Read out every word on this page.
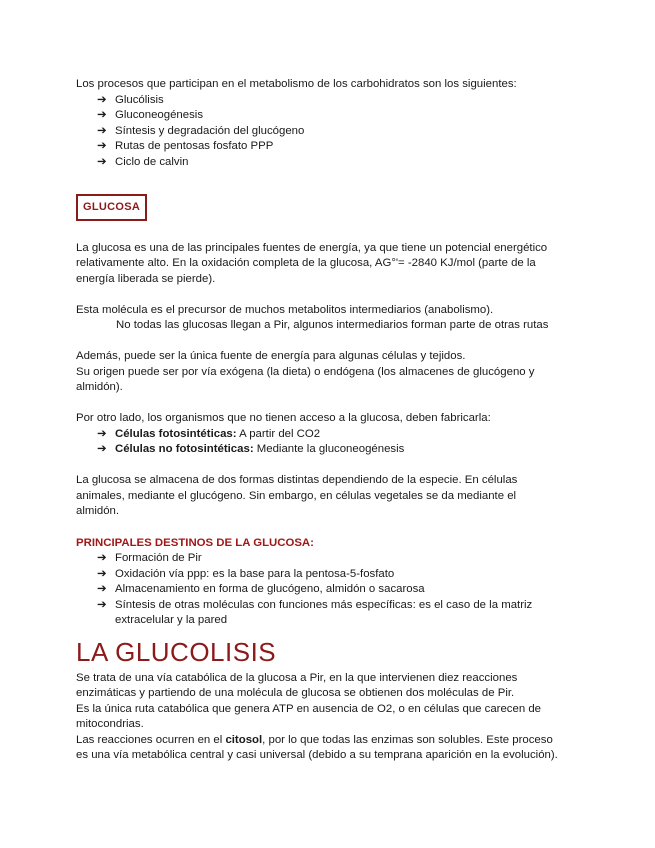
Los procesos que participan en el metabolismo de los carbohidratos son los siguientes:

➔ Glucólisis
➔ Gluconeogénesis
➔ Síntesis y degradación del glucógeno
➔ Rutas de pentosas fosfato PPP
➔ Ciclo de calvin
GLUCOSA

La glucosa es una de las principales fuentes de energía, ya que tiene un potencial energético

relativamente alto. En la oxidación completa de la glucosa, AG°'= -2840 KJ/mol (parte de la

energía liberada se pierde).

Esta molécula es el precursor de muchos metabolitos intermediarios (anabolismo).

No todas las glucosas llegan a Pir, algunos intermediarios forman parte de otras rutas

Además, puede ser la única fuente de energía para algunas células y tejidos.

Su origen puede ser por vía exógena (la dieta) o endógena (los almacenes de glucógeno y

almidón).

Por otro lado, los organismos que no tienen acceso a la glucosa, deben fabricarla:

➔ Células fotosintéticas: A partir del CO2
➔ Células no fotosintéticas: Mediante la gluconeogénesis

La glucosa se almacena de dos formas distintas dependiendo de la especie. En células

animales, mediante el glucógeno. Sin embargo, en células vegetales se da mediante el

almidón.

PRINCIPALES DESTINOS DE LA GLUCOSA:

➔ Formación de Pir
➔ Oxidación vía ppp: es la base para la pentosa-5-fosfato
➔ Almacenamiento en forma de glucógeno, almidón o sacarosa
➔ Síntesis de otras moléculas con funciones más específicas: es el caso de la matriz
extracelular y la pared
LA GLUCOLISIS

Se trata de una vía catabólica de la glucosa a Pir, en la que intervienen diez reacciones

enzimáticas y partiendo de una molécula de glucosa se obtienen dos moléculas de Pir.

Es la única ruta catabólica que genera ATP en ausencia de O2, o en células que carecen de

mitocondrias.

Las reacciones ocurren en el citosol, por lo que todas las enzimas son solubles. Este proceso

es una vía metabólica central y casi universal (debido a su temprana aparición en la evolución).
